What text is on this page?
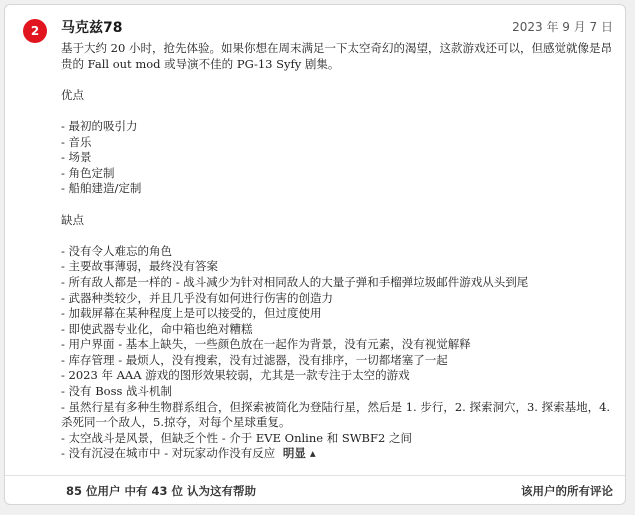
2	马克兹78	2023 年 9 月 7 日
基于大约 20 小时，抢先体验。如果你想在周末满足一下太空奇幻的渴望，这款游戏还可以，但感觉就像是昂贵的 Fall out mod 或导演不佳的 PG-13 Syfy 剧集。
优点
- 最初的吸引力
- 音乐
- 场景
- 角色定制
- 船舶建造/定制
缺点
- 没有令人难忘的角色
- 主要故事薄弱，最终没有答案
- 所有敌人都是一样的 - 战斗减少为针对相同敌人的大量子弹和手榴弹垃圾邮件游戏从头到尾
- 武器种类较少，并且几乎没有如何进行伤害的创造力
- 加载屏幕在某种程度上是可以接受的，但过度使用
- 即使武器专业化，命中箱也绝对糟糕
- 用户界面 - 基本上缺失，一些颜色放在一起作为背景，没有元素，没有视觉解释
- 库存管理 - 最烦人，没有搜索，没有过滤器，没有排序，一切都堵塞了一起
- 2023 年 AAA 游戏的图形效果较弱，尤其是一款专注于太空的游戏
- 没有 Boss 战斗机制
- 虽然行星有多种生物群系组合，但探索被简化为登陆行星，然后是 1. 步行，2. 探索洞穴，3. 探索基地，4.杀死同一个敌人，5.掠夺，对每个星球重复。
- 太空战斗是风景，但缺乏个性 - 介于 EVE Online 和 SWBF2 之间
- 没有沉浸在城市中 - 对玩家动作没有反应 明显 ▴
85 位用户 中有 43 位 认为这有帮助	该用户的所有评论
